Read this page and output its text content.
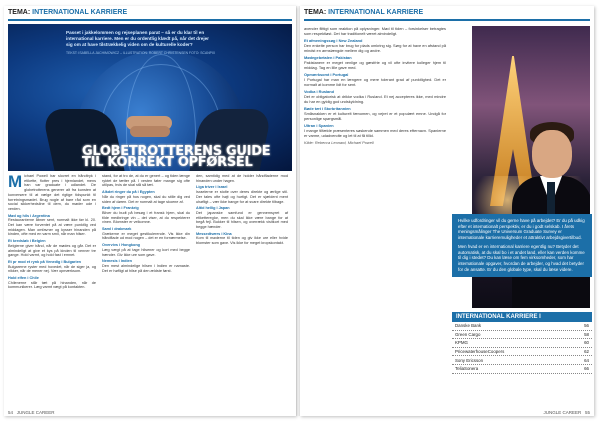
TEMA: INTERNATIONAL KARRIERE
Passet i jakkelommen og rejseplanen parat – så er du klar til en international karriere. Men er du ordentlig klædt på, når det drejer sig om at have tilstrækkelig viden om de kulturelle koder?
TEKST: ISABELLA JACHIMOWICZ – ILLUSTRATION: ROBERT CHRISTENSEN FOTO: SCANPIX
GLOBETROTTERENS GUIDE
TIL KORREKT OPFØRSEL
M ichael Powell har slovret en håndtryk i etikette, flotter pres i hjemlandet, mens han var graduate i udlandet. De globetrotterens generer alt fra kunsten at konversere til at vælge det rigtige tidspunkt til forretningsmødet. Brug nogle af bare råd som en social sikkerhedsline til dem, du møder ude i verden.
Mød og hils i Argentina
Restauranterne åbner sent, normalt ikke før kl. 20. Det kan være forventet på at være punktlig ved middagen. Man omfavner og kysser hinanden på kinden, ofte med en varm smil, når man hilser.
Et kredsløb i Belgien
Belgierne giver hånd, når de mødes og går. Det er almindeligt at give et kys på kinden til venner tre gange. Hold varmt, og hold fast i emnet.
Et pr mod et rynk på Venedig i Bulgarien
Bulgarerne ryster med hovedet, når de siger ja, og nikker, når de mener nej. Vær opmærksom.
Hold elfen i Chile
Chilenerne står tæt på hinanden, når de kommunikerer. Læg varmt vægt på kontakten.
stand, for at tro de, at du er genert – og tiden længe ryktet de tætter på. I vesten føler mange sig ofte utilpas, hvis de skal stå så tæt.
Alkdet ringer du på i Egypten
Når du ringer på hos nogen, skal du stille dig ved siden af døren. Det er normalt at tage skoene af.
Bedt hjem i Frankrig
Bliver du budt på besøg i et fransk hjem, skal du tilde medbringe vin – det viser, at du respekterer vinen. Blomster er velkomne.
Saml i drakmark
Grækerne er meget gestikulerende. Vis ikke din håndflade ud mod nogen – det er en fornærmelse.
Overvivs i Hongkong
Læg vægt på at tage hilsener og kort med begge hænder. Giv ikke ure som gave.
Nemesis i Indien
Den mest almindelige hilsen i Indien er namaste. Det er høfligt at hilse på den ældste først.
den, samtidig med at de holder håndfladerne mod hinanden under hagen.
Liga triver i Israel
Israelerne er stolte over deres direkte og ærlige stil. Der tales ofte højt og hurtigt. Det er sjældent ment uhøfligt – vær ikke bange for at svare direkte tilbage.
Altid hellig i Japan
Det japanske samfund er gennemsyret af etikettereglor, men du skal ikke være bange for at begå fejl. Bukker til hilsen, og overrækk visitkort med begge hænder.
Messedtværs i Kina
Kom til møderne til tiden og giv ikke ure eller hvide blomster som gave. Vis ikke for meget kropskontakt.
54 JUNGLE CAREER
TEMA: INTERNATIONAL KARRIERE
avender flittigt som reaktion på oplysninger. Mød til tiden – forsinkelser betragtes som respektløst. Det har traditionelt været almindeligt.
Et afmeningssøg i New Zealand
Den enkelte person har brug for plads omkring sig. Sørg for at have en afstand på mindst en armslængde mellem dig og andre.
Mødegebetalen i Pakistan
Pakistanere er meget venlige og gæstfrie og vil ofte invitere kolleger hjem til middag. Tag en lille gave med.
Opmærksomt i Portugal
I Portugal har man en længere og mere tolerant grad af punktlighed. Det er normalt at komme lidt for sent.
Vodka i Rusland
Det er obligatorisk at drikke vodka i Rusland. Et nej accepteres ikke, med mindre du har en gyldig god undskyldning.
Bøde tæt i Storbritannien
Småsnakken er et kulturelt fænomen, og vejret er et populært emne. Undgå for personlige spørgsmål.
Ultran i Spanien
I mange tilfælde præsenteres søskende sammen med deres efternavn. Spanierne er varme, udadvendte og let til at få tillid.
Kilde: Rebecca Leonard, Michael Powell

Hvilke udfordringer vil du gerne have på arbejdet? Er du på udkig efter et internationalt perspektiv, er du i godt selskab. I årets meningsmålinger The Universum Graduate Survey er internationale karrieremuligheder et attraktivt arbejdsgivertilbud.

Men hvad er en international karriere egentlig nu? Betyder det automatisk, at du skal bo i et andet land, eller kan verden komme til dig i stedet? Du kan læse om fem virksomheder, som har internationale opgaver, hvordan de arbejder, og hvad det betyder for de ansatte. Er du den globale type, skal du læse videre.

INTERNATIONAL KARRIERE I
Danske Bank	56
Green Cargo	58
KPMG	60
PricewaterhouseCoopers	62
Sony Ericsson	64
TeliaSonera	66
JUNGLE CAREER 55
